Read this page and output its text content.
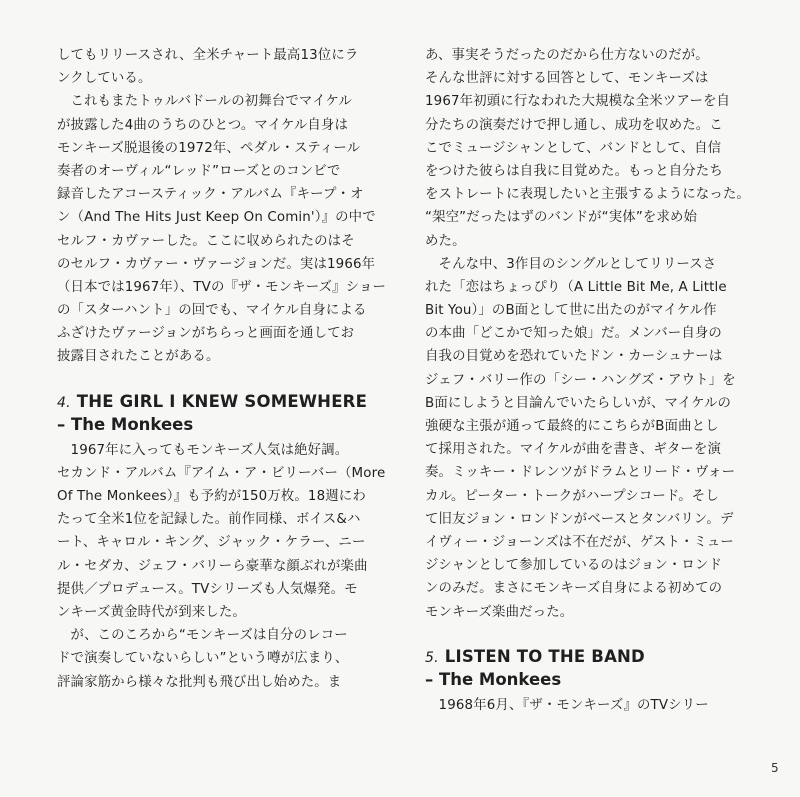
してもリリースされ、全米チャート最高13位にラ
ンクしている。
　これもまたトゥルバドールの初舞台でマイケル
が披露した4曲のうちのひとつ。マイケル自身は
モンキーズ脱退後の1972年、ペダル・スティール
奏者のオーヴィル“レッド”ローズとのコンビで
録音したアコースティック・アルバム『キープ・オ
ン（And The Hits Just Keep On Comin'）』の中で
セルフ・カヴァーした。ここに収められたのはそ
のセルフ・カヴァー・ヴァージョンだ。実は1966年
（日本では1967年）、TVの『ザ・モンキーズ』ショー
の「スターハント」の回でも、マイケル自身による
ふざけたヴァージョンがちらっと画面を通してお
披露目されたことがある。
4. THE GIRL I KNEW SOMEWHERE
– The Monkees
　1967年に入ってもモンキーズ人気は絶好調。
セカンド・アルバム『アイム・ア・ビリーバー（More
Of The Monkees）』も予約が150万枚。18週にわ
たって全米1位を記録した。前作同様、ボイス&ハ
ート、キャロル・キング、ジャック・ケラー、ニー
ル・セダカ、ジェフ・バリーら豪華な顔ぶれが楽曲
提供／プロデュース。TVシリーズも人気爆発。モ
ンキーズ黄金時代が到来した。
　が、このころから“モンキーズは自分のレコー
ドで演奏していないらしい”という噂が広まり、
評論家筋から様々な批判も飛び出し始めた。ま
あ、事実そうだったのだから仕方ないのだが。
そんな世評に対する回答として、モンキーズは
1967年初頭に行なわれた大規模な全米ツアーを自
分たちの演奏だけで押し通し、成功を収めた。こ
こでミュージシャンとして、バンドとして、自信
をつけた彼らは自我に目覚めた。もっと自分たち
をストレートに表現したいと主張するようになった。
“架空”だったはずのバンドが“実体”を求め始
めた。
　そんな中、3作目のシングルとしてリリースさ
れた「恋はちょっぴり（A Little Bit Me, A Little
Bit You）」のB面として世に出たのがマイケル作
の本曲「どこかで知った娘」だ。メンバー自身の
自我の目覚めを恐れていたドン・カーシュナーは
ジェフ・バリー作の「シー・ハングズ・アウト」を
B面にしようと目論んでいたらしいが、マイケルの
強硬な主張が通って最終的にこちらがB面曲とし
て採用された。マイケルが曲を書き、ギターを演
奏。ミッキー・ドレンツがドラムとリード・ヴォー
カル。ピーター・トークがハープシコード。そし
て旧友ジョン・ロンドンがベースとタンバリン。デ
イヴィー・ジョーンズは不在だが、ゲスト・ミュー
ジシャンとして参加しているのはジョン・ロンド
ンのみだ。まさにモンキーズ自身による初めての
モンキーズ楽曲だった。
5. LISTEN TO THE BAND
– The Monkees
　1968年6月、『ザ・モンキーズ』のTVシリー
5
